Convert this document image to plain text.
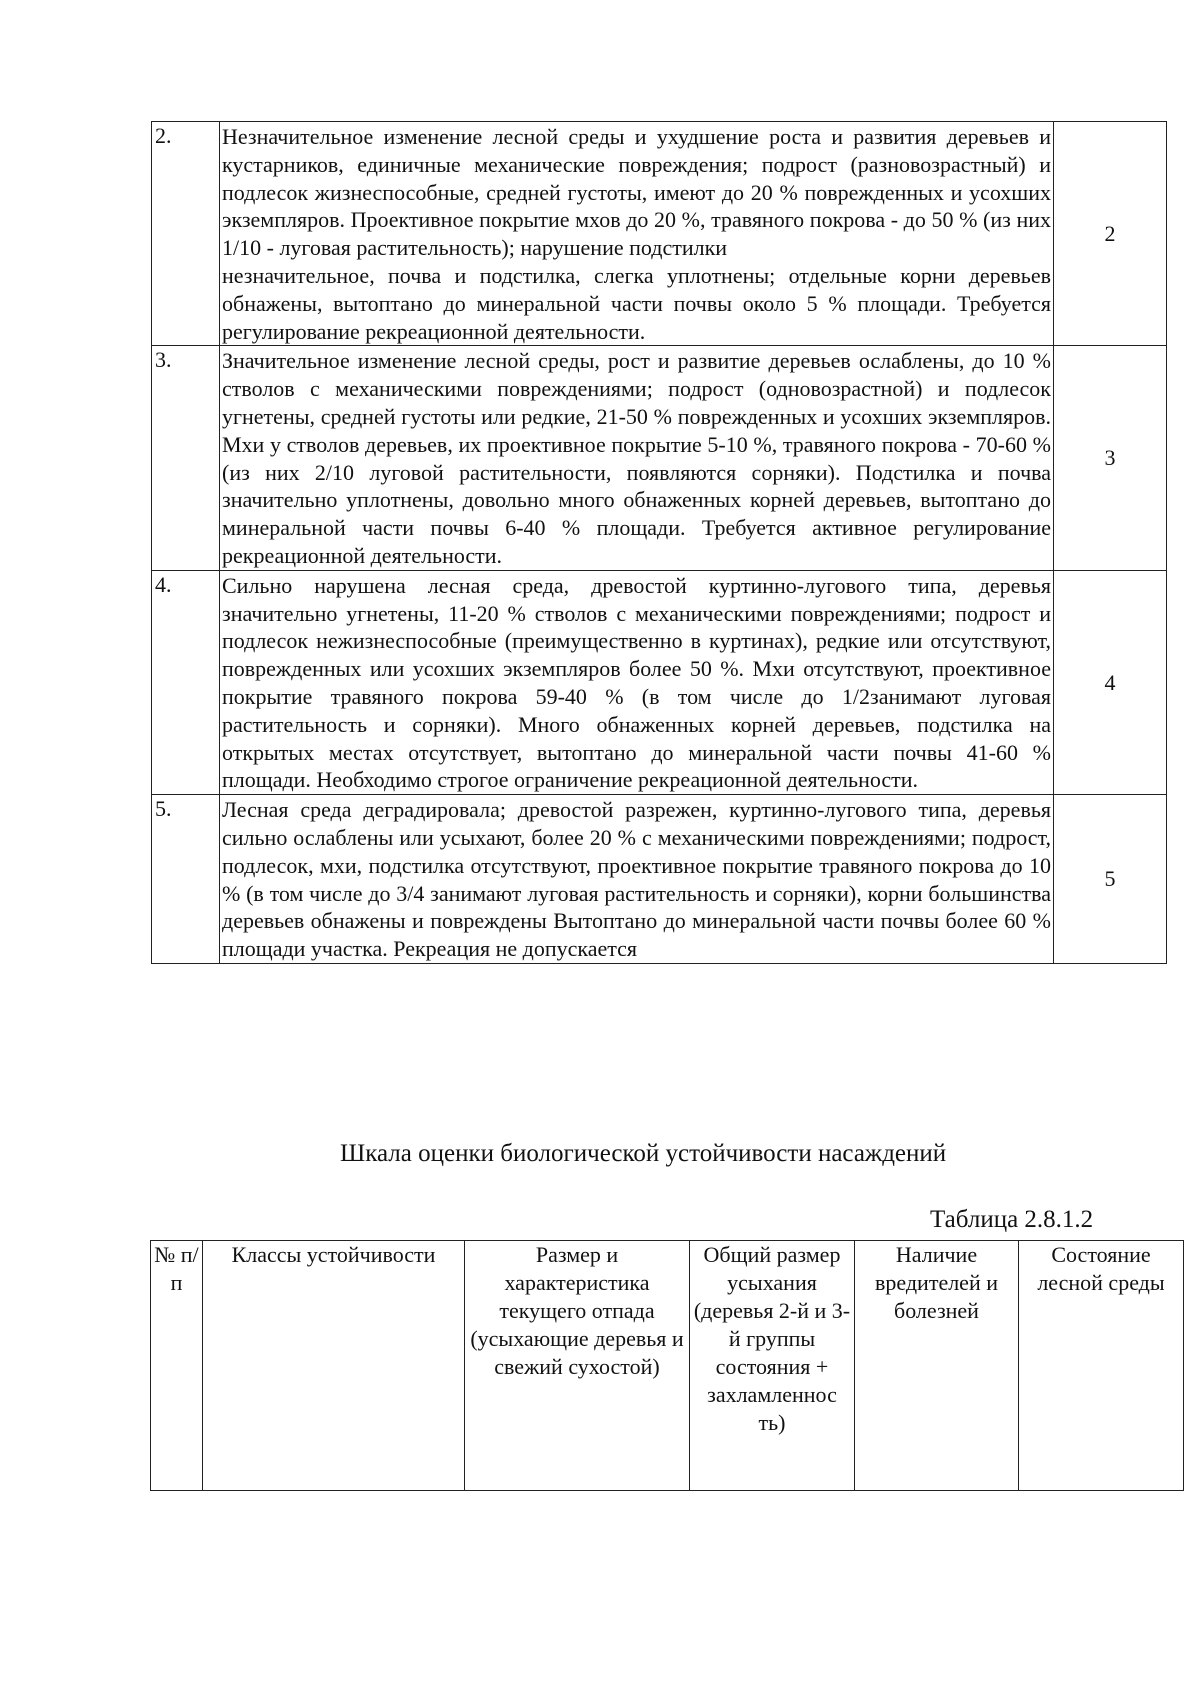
2.	Незначительное изменение лесной среды и ухудшение роста и развития деревьев и кустарников, единичные механические повреждения; подрост (разновозрастный) и подлесок жизнеспособные, средней густоты, имеют до 20 % поврежденных и усохших экземпляров. Проективное покрытие мхов до 20 %, травяного покрова - до 50 % (из них 1/10 - луговая растительность); нарушение подстилки
незначительное, почва и подстилка, слегка уплотнены; отдельные корни деревьев обнажены, вытоптано до минеральной части почвы около 5 % площади. Требуется регулирование рекреационной деятельности.	2
3.	Значительное изменение лесной среды, рост и развитие деревьев ослаблены, до 10 % стволов с механическими повреждениями; подрост (одновозрастной) и подлесок угнетены, средней густоты или редкие, 21-50 % поврежденных и усохших экземпляров. Мхи у стволов деревьев, их проективное покрытие 5-10 %, травяного покрова - 70-60 % (из них 2/10 луговой растительности, появляются сорняки). Подстилка и почва значительно уплотнены, довольно много обнаженных корней деревьев, вытоптано до минеральной части почвы 6-40 % площади. Требуется активное регулирование рекреационной деятельности.	3
4.	Сильно нарушена лесная среда, древостой куртинно-лугового типа, деревья значительно угнетены, 11-20 % стволов с механическими повреждениями; подрост и подлесок нежизнеспособные (преимущественно в куртинах), редкие или отсутствуют, поврежденных или усохших экземпляров более 50 %. Мхи отсутствуют, проективное покрытие травяного покрова 59-40 % (в том числе до 1/2занимают луговая растительность и сорняки). Много обнаженных корней деревьев, подстилка на открытых местах отсутствует, вытоптано до минеральной части почвы 41-60 % площади. Необходимо строгое ограничение рекреационной деятельности.	4
5.	Лесная среда деградировала; древостой разрежен, куртинно-лугового типа, деревья сильно ослаблены или усыхают, более 20 % с механическими повреждениями; подрост, подлесок, мхи, подстилка отсутствуют, проективное покрытие травяного покрова до 10 % (в том числе до 3/4 занимают луговая растительность и сорняки), корни большинства деревьев обнажены и повреждены Вытоптано до минеральной части почвы более 60 % площади участка. Рекреация не допускается	5
Шкала оценки биологической устойчивости насаждений
Таблица 2.8.1.2
№ п/п	Классы устойчивости	Размер и характеристика текущего отпада (усыхающие деревья и свежий сухостой)	Общий размер усыхания (деревья 2-й и 3-й группы состояния + захламленнос ть)	Наличие вредителей и болезней	Состояние лесной среды
